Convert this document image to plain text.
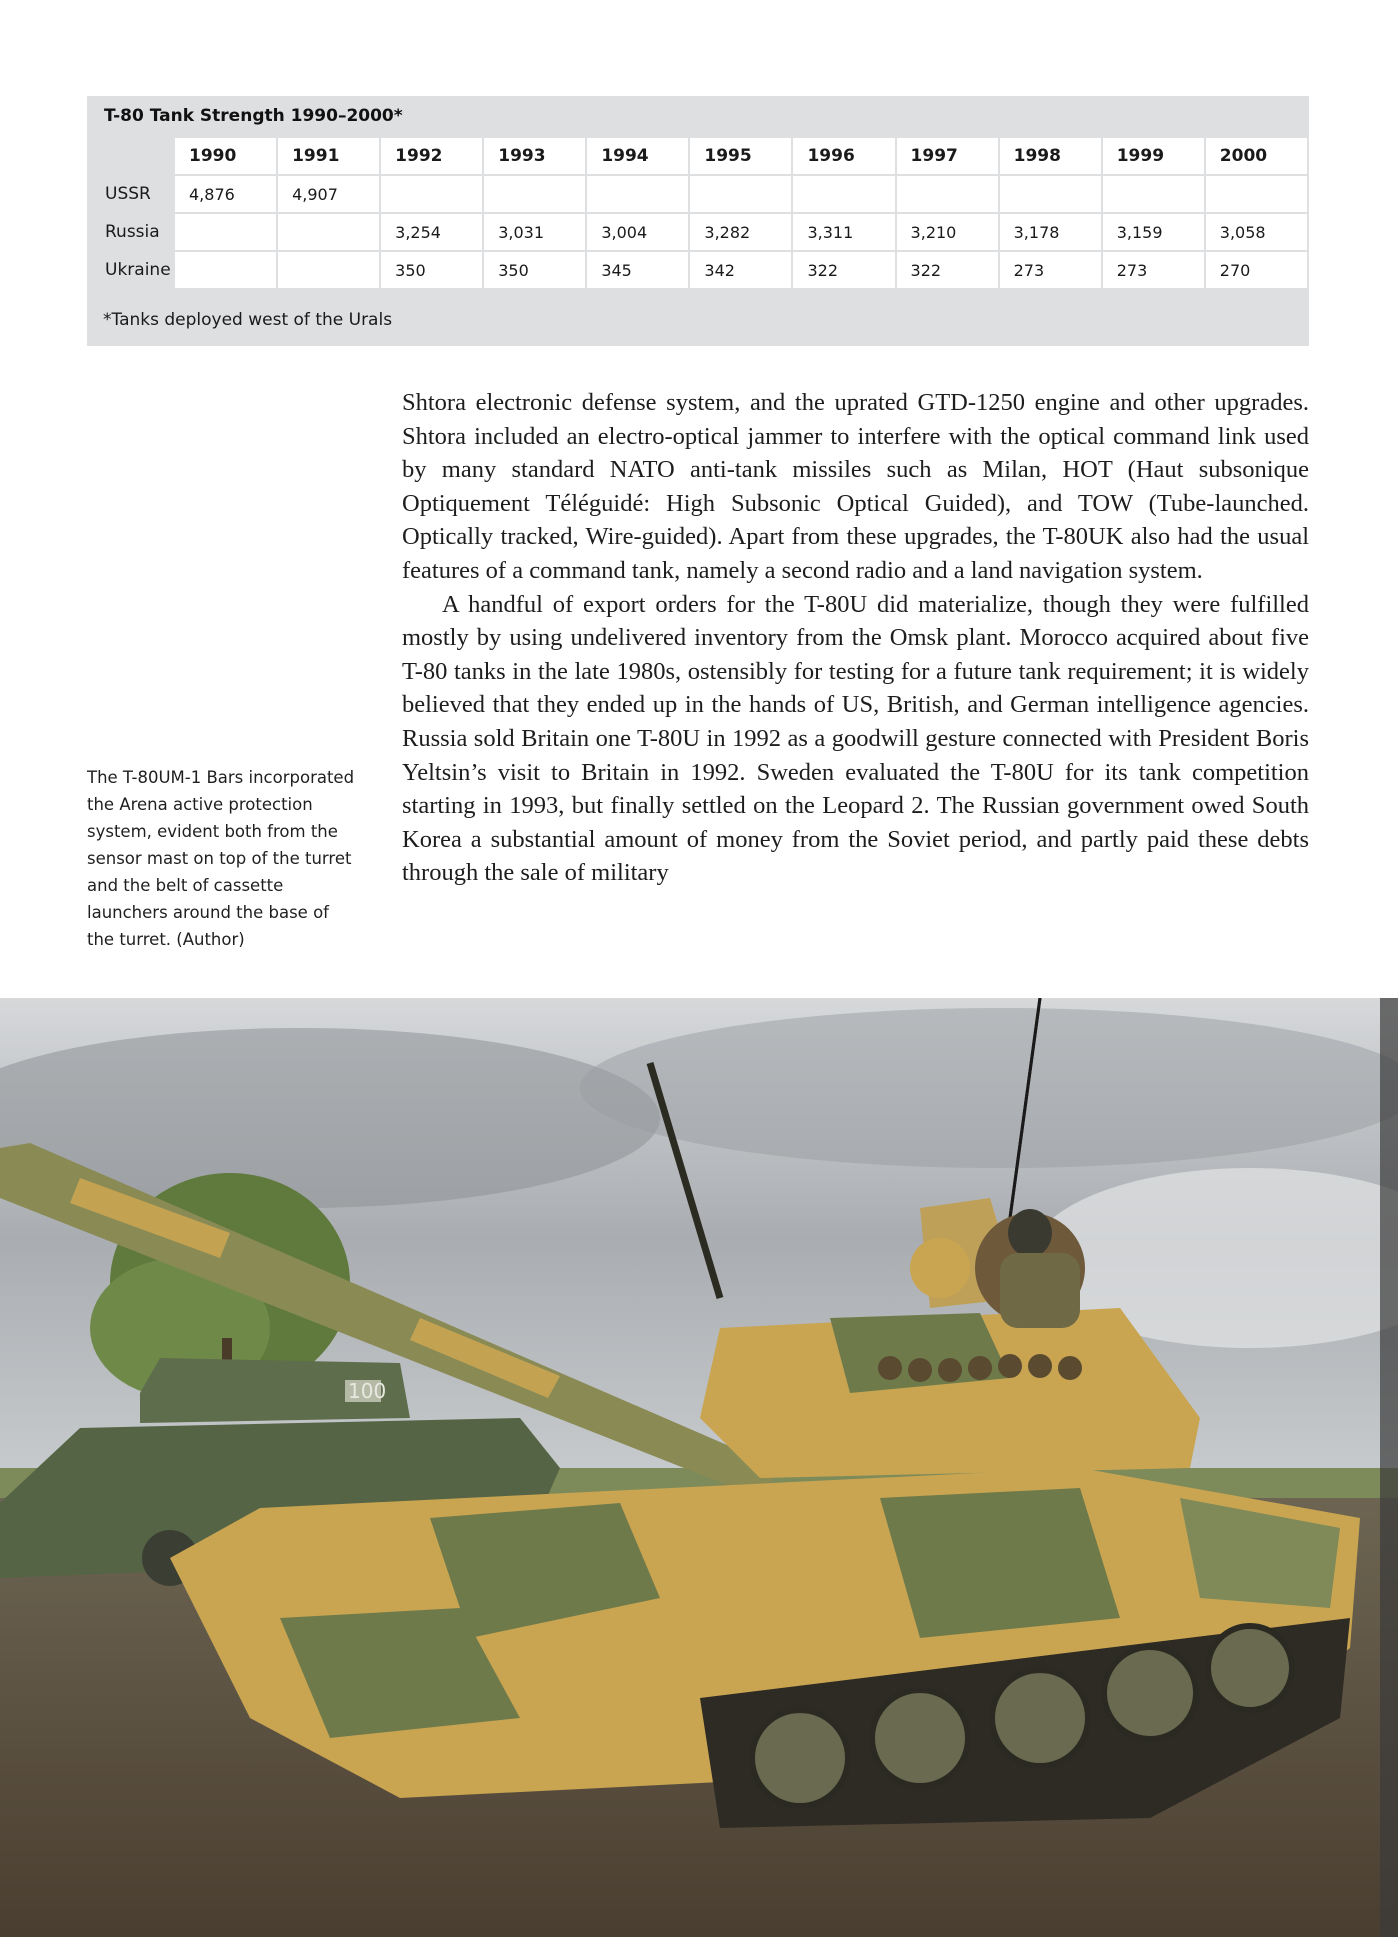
T-80 Tank Strength 1990–2000*
	1990	1991	1992	1993	1994	1995	1996	1997	1998	1999	2000
USSR	4,876	4,907									
Russia			3,254	3,031	3,004	3,282	3,311	3,210	3,178	3,159	3,058
Ukraine			350	350	345	342	322	322	273	273	270
*Tanks deployed west of the Urals
The T-80UM-1 Bars incorporated the Arena active protection system, evident both from the sensor mast on top of the turret and the belt of cassette launchers around the base of the turret. (Author)

Shtora electronic defense system, and the uprated GTD-1250 engine and other upgrades. Shtora included an electro-optical jammer to interfere with the optical command link used by many standard NATO anti-tank missiles such as Milan, HOT (Haut subsonique Optiquement Téléguidé: High Subsonic Optical Guided), and TOW (Tube-launched. Optically tracked, Wire-guided). Apart from these upgrades, the T-80UK also had the usual features of a command tank, namely a second radio and a land navigation system.

A handful of export orders for the T-80U did materialize, though they were fulfilled mostly by using undelivered inventory from the Omsk plant. Morocco acquired about five T-80 tanks in the late 1980s, ostensibly for testing for a future tank requirement; it is widely believed that they ended up in the hands of US, British, and German intelligence agencies. Russia sold Britain one T-80U in 1992 as a goodwill gesture connected with President Boris Yeltsin’s visit to Britain in 1992. Sweden evaluated the T-80U for its tank competition starting in 1993, but finally settled on the Leopard 2. The Russian government owed South Korea a substantial amount of money from the Soviet period, and partly paid these debts through the sale of military

100
